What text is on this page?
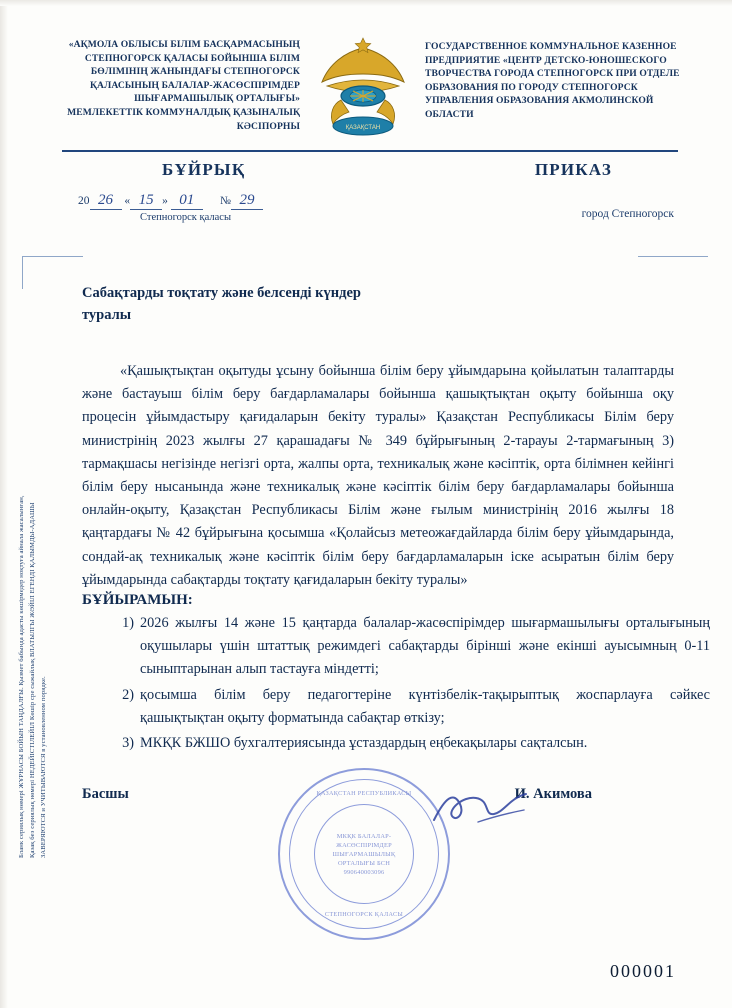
«АҚМОЛА ОБЛЫСЫ БІЛІМ БАСҚАРМАСЫНЫҢ СТЕПНОГОРСК ҚАЛАСЫ БОЙЫНША БІЛІМ БӨЛІМІНІҢ ЖАНЫНДАҒЫ СТЕПНОГОРСК ҚАЛАСЫНЫҢ БАЛАЛАР-ЖАСӨСПІРІМДЕР ШЫҒАРМАШЫЛЫҚ ОРТАЛЫҒЫ» МЕМЛЕКЕТТІК КОММУНАЛДЫҚ ҚАЗЫНАЛЫҚ КӘСІПОРНЫ	ҚАЗАҚСТАН
ГОСУДАРСТВЕННОЕ КОММУНАЛЬНОЕ КАЗЕННОЕ ПРЕДПРИЯТИЕ «ЦЕНТР ДЕТСКО-ЮНОШЕСКОГО ТВОРЧЕСТВА ГОРОДА СТЕПНОГОРСК ПРИ ОТДЕЛЕ ОБРАЗОВАНИЯ ПО ГОРОДУ СТЕПНОГОРСК УПРАВЛЕНИЯ ОБРАЗОВАНИЯ АКМОЛИНСКОЙ ОБЛАСТИ
БҰЙРЫҚ	ПРИКАЗ
20 26 « 15 » 01 № 29
Степногорск қаласы	город Степногорск
Сабақтарды тоқтату және белсенді күндер туралы

«Қашықтықтан оқытуды ұсыну бойынша білім беру ұйымдарына қойылатын талаптарды және бастауыш білім беру бағдарламалары бойынша қашықтықтан оқыту бойынша оқу процесін ұйымдастыру қағидаларын бекіту туралы» Қазақстан Республикасы Білім беру министрінің 2023 жылғы 27 қарашадағы № 349 бұйрығының 2-тарауы 2-тармағының 3) тармақшасы негізінде негізгі орта, жалпы орта, техникалық және кәсіптік, орта білімнен кейінгі білім беру нысанында және техникалық және кәсіптік білім беру бағдарламалары бойынша онлайн-оқыту, Қазақстан Республикасы Білім және ғылым министрінің 2016 жылғы 18 қаңтардағы № 42 бұйрығына қосымша «Қолайсыз метеожағдайларда білім беру ұйымдарында, сондай-ақ техникалық және кәсіптік білім беру бағдарламаларын іске асыратын білім беру ұйымдарында сабақтарды тоқтату қағидаларын бекіту туралы»

БҰЙЫРАМЫН:
1) 2026 жылғы 14 және 15 қаңтарда балалар-жасөспірімдер шығармашылығы орталығының оқушылары үшін штаттық режимдегі сабақтарды бірінші және екінші ауысымның 0-11 сыныптарынан алып тастауға міндетті;
2) қосымша білім беру педагогтеріне күнтізбелік-тақырыптық жоспарлауға сәйкес қашықтықтан оқыту форматында сабақтар өткізу;
3) МКҚК БЖШО бухгалтериясында ұстаздардың еңбекақылары сақталсын.
Басшы	И. Акимова
ҚАЗАҚСТАН РЕСПУБЛИКАСЫ
МКҚК БАЛАЛАР-ЖАСӨСПІРІМДЕР ШЫҒАРМАШЫЛЫҚ ОРТАЛЫҒЫ БСН 990640003096
СТЕПНОГОРСК ҚАЛАСЫ
Бланк сериялық нөмері ЖҰРНАСЫ БОЙЫН ТАҢДАЛҒЫ. Қызмет бабында адасты көшірмедер ноқтуға айнала жасалынған, Қазақ без сериялық нөмері НЕДЕЙІСТІЛЕЙІЛ Көшір сре сыжайлық ВЛАТЫЛГЫ ЖӘЙІЛ ЕГЕНДІ ҚАЛЫМДЫ-АДАШЫ ЗАВЕРЯЮТСЯ и УЧИТЫВАЮТСЯ в установленном порядке.
000001
